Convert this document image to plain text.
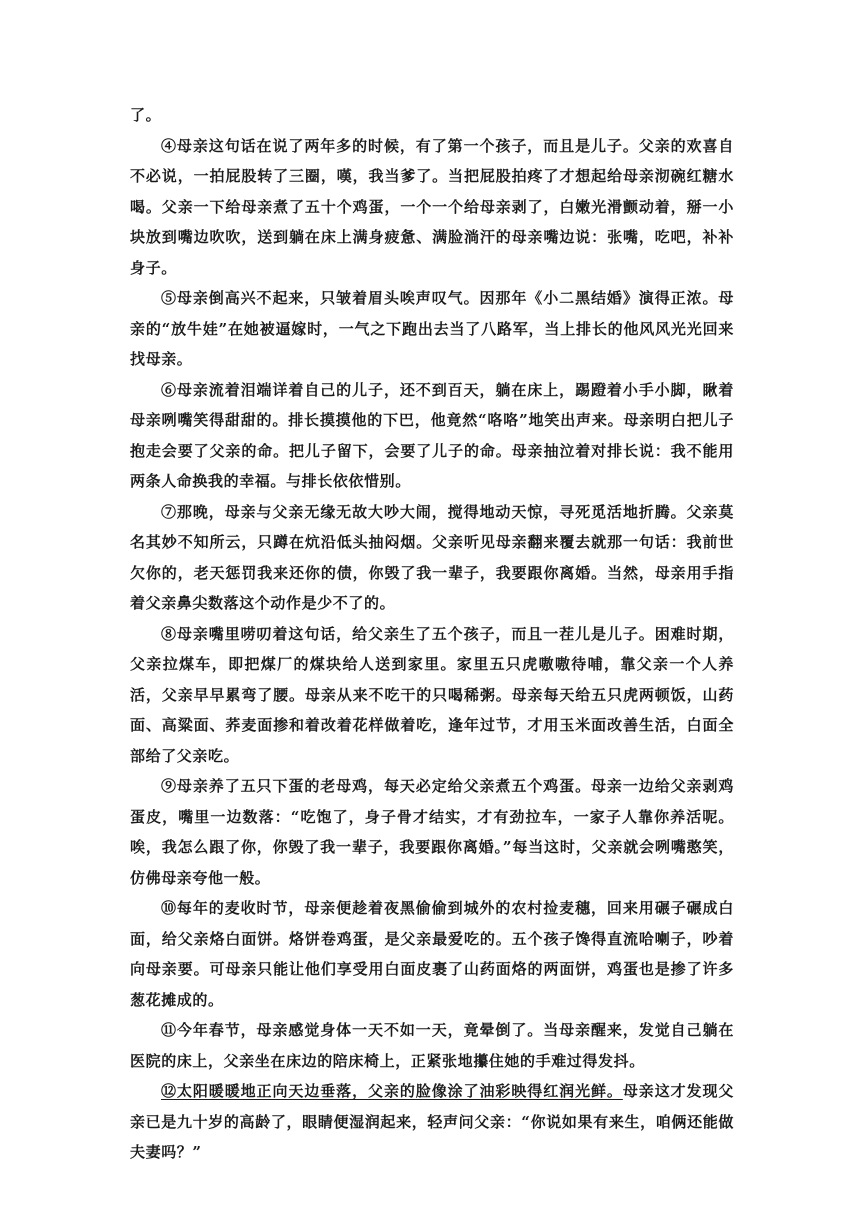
了。

④母亲这句话在说了两年多的时候，有了第一个孩子，而且是儿子。父亲的欢喜自不必说，一拍屁股转了三圈，嘆，我当爹了。当把屁股拍疼了才想起给母亲沏碗红糖水喝。父亲一下给母亲煮了五十个鸡蛋，一个一个给母亲剥了，白嫩光滑颤动着，掰一小块放到嘴边吹吹，送到躺在床上满身疲惫、满脸淌汗的母亲嘴边说：张嘴，吃吧，补补身子。

⑤母亲倒高兴不起来，只皱着眉头唉声叹气。因那年《小二黑结婚》演得正浓。母亲的“放牛娃”在她被逼嫁时，一气之下跑出去当了八路军，当上排长的他风风光光回来找母亲。

⑥母亲流着泪端详着自己的儿子，还不到百天，躺在床上，踢蹬着小手小脚，瞅着母亲咧嘴笑得甜甜的。排长摸摸他的下巴，他竟然“咯咯”地笑出声来。母亲明白把儿子抱走会要了父亲的命。把儿子留下，会要了儿子的命。母亲抽泣着对排长说：我不能用两条人命换我的幸福。与排长依依惜别。

⑦那晚，母亲与父亲无缘无故大吵大闹，搅得地动天惊，寻死觅活地折腾。父亲莫名其妙不知所云，只蹲在炕沿低头抽闷烟。父亲听见母亲翻来覆去就那一句话：我前世欠你的，老天惩罚我来还你的债，你毁了我一辈子，我要跟你离婚。当然，母亲用手指着父亲鼻尖数落这个动作是少不了的。

⑧母亲嘴里唠叨着这句话，给父亲生了五个孩子，而且一茬儿是儿子。困难时期，父亲拉煤车，即把煤厂的煤块给人送到家里。家里五只虎嗷嗷待哺，靠父亲一个人养活，父亲早早累弯了腰。母亲从来不吃干的只喝稀粥。母亲每天给五只虎两顿饭，山药面、高粱面、荞麦面掺和着改着花样做着吃，逢年过节，才用玉米面改善生活，白面全部给了父亲吃。

⑨母亲养了五只下蛋的老母鸡，每天必定给父亲煮五个鸡蛋。母亲一边给父亲剥鸡蛋皮，嘴里一边数落：“吃饱了，身子骨才结实，才有劲拉车，一家子人靠你养活呢。唉，我怎么跟了你，你毁了我一辈子，我要跟你离婚。”每当这时，父亲就会咧嘴憨笑，仿佛母亲夸他一般。

⑩每年的麦收时节，母亲便趁着夜黑偷偷到城外的农村捡麦穗，回来用碾子碾成白面，给父亲烙白面饼。烙饼卷鸡蛋，是父亲最爱吃的。五个孩子馋得直流哈喇子，吵着向母亲要。可母亲只能让他们享受用白面皮裹了山药面烙的两面饼，鸡蛋也是掺了许多葱花摊成的。

⑪今年春节，母亲感觉身体一天不如一天，竟晕倒了。当母亲醒来，发觉自己躺在医院的床上，父亲坐在床边的陪床椅上，正紧张地攥住她的手难过得发抖。

⑫太阳暖暖地正向天边垂落，父亲的脸像涂了油彩映得红润光鲜。母亲这才发现父亲已是九十岁的高龄了，眼睛便湿润起来，轻声问父亲：“你说如果有来生，咱俩还能做夫妻吗？”
